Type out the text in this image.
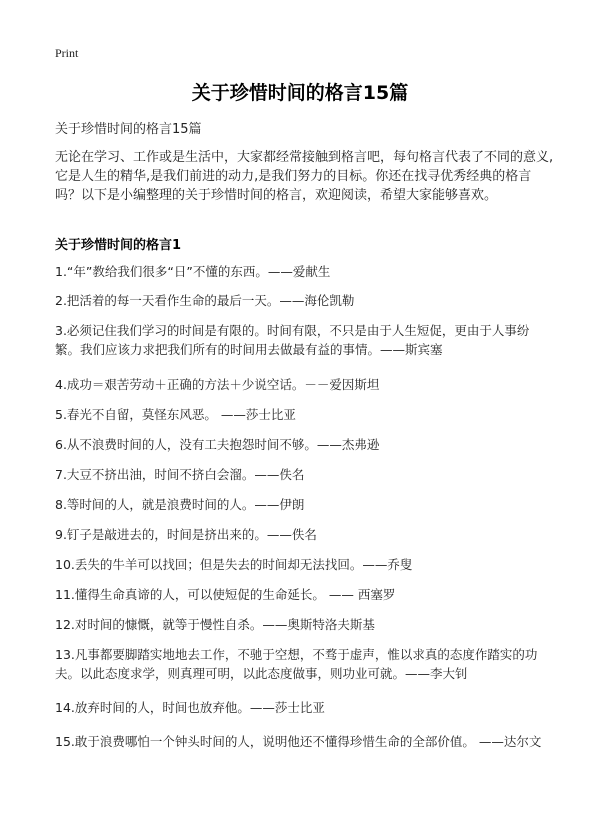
Print
关于珍惜时间的格言15篇
关于珍惜时间的格言15篇
无论在学习、工作或是生活中，大家都经常接触到格言吧，每句格言代表了不同的意义,它是人生的精华,是我们前进的动力,是我们努力的目标。你还在找寻优秀经典的格言吗？以下是小编整理的关于珍惜时间的格言，欢迎阅读，希望大家能够喜欢。
关于珍惜时间的格言1
1.“年”教给我们很多“日”不懂的东西。——爱献生
2.把活着的每一天看作生命的最后一天。——海伦凯勒
3.必须记住我们学习的时间是有限的。时间有限，不只是由于人生短促，更由于人事纷繁。我们应该力求把我们所有的时间用去做最有益的事情。——斯宾塞
4.成功＝艰苦劳动＋正确的方法＋少说空话。－－爱因斯坦
5.春光不自留，莫怪东风恶。 ——莎士比亚
6.从不浪费时间的人，没有工夫抱怨时间不够。——杰弗逊
7.大豆不挤出油，时间不挤白会溜。——佚名
8.等时间的人，就是浪费时间的人。——伊朗
9.钉子是敲进去的，时间是挤出来的。——佚名
10.丢失的牛羊可以找回；但是失去的时间却无法找回。——乔叟
11.懂得生命真谛的人，可以使短促的生命延长。 —— 西塞罗
12.对时间的慷慨，就等于慢性自杀。——奥斯特洛夫斯基
13.凡事都要脚踏实地地去工作，不驰于空想，不骛于虚声，惟以求真的态度作踏实的功夫。以此态度求学，则真理可明，以此态度做事，则功业可就。——李大钊
14.放弃时间的人，时间也放弃他。——莎士比亚
15.敢于浪费哪怕一个钟头时间的人，说明他还不懂得珍惜生命的全部价值。 ——达尔文
